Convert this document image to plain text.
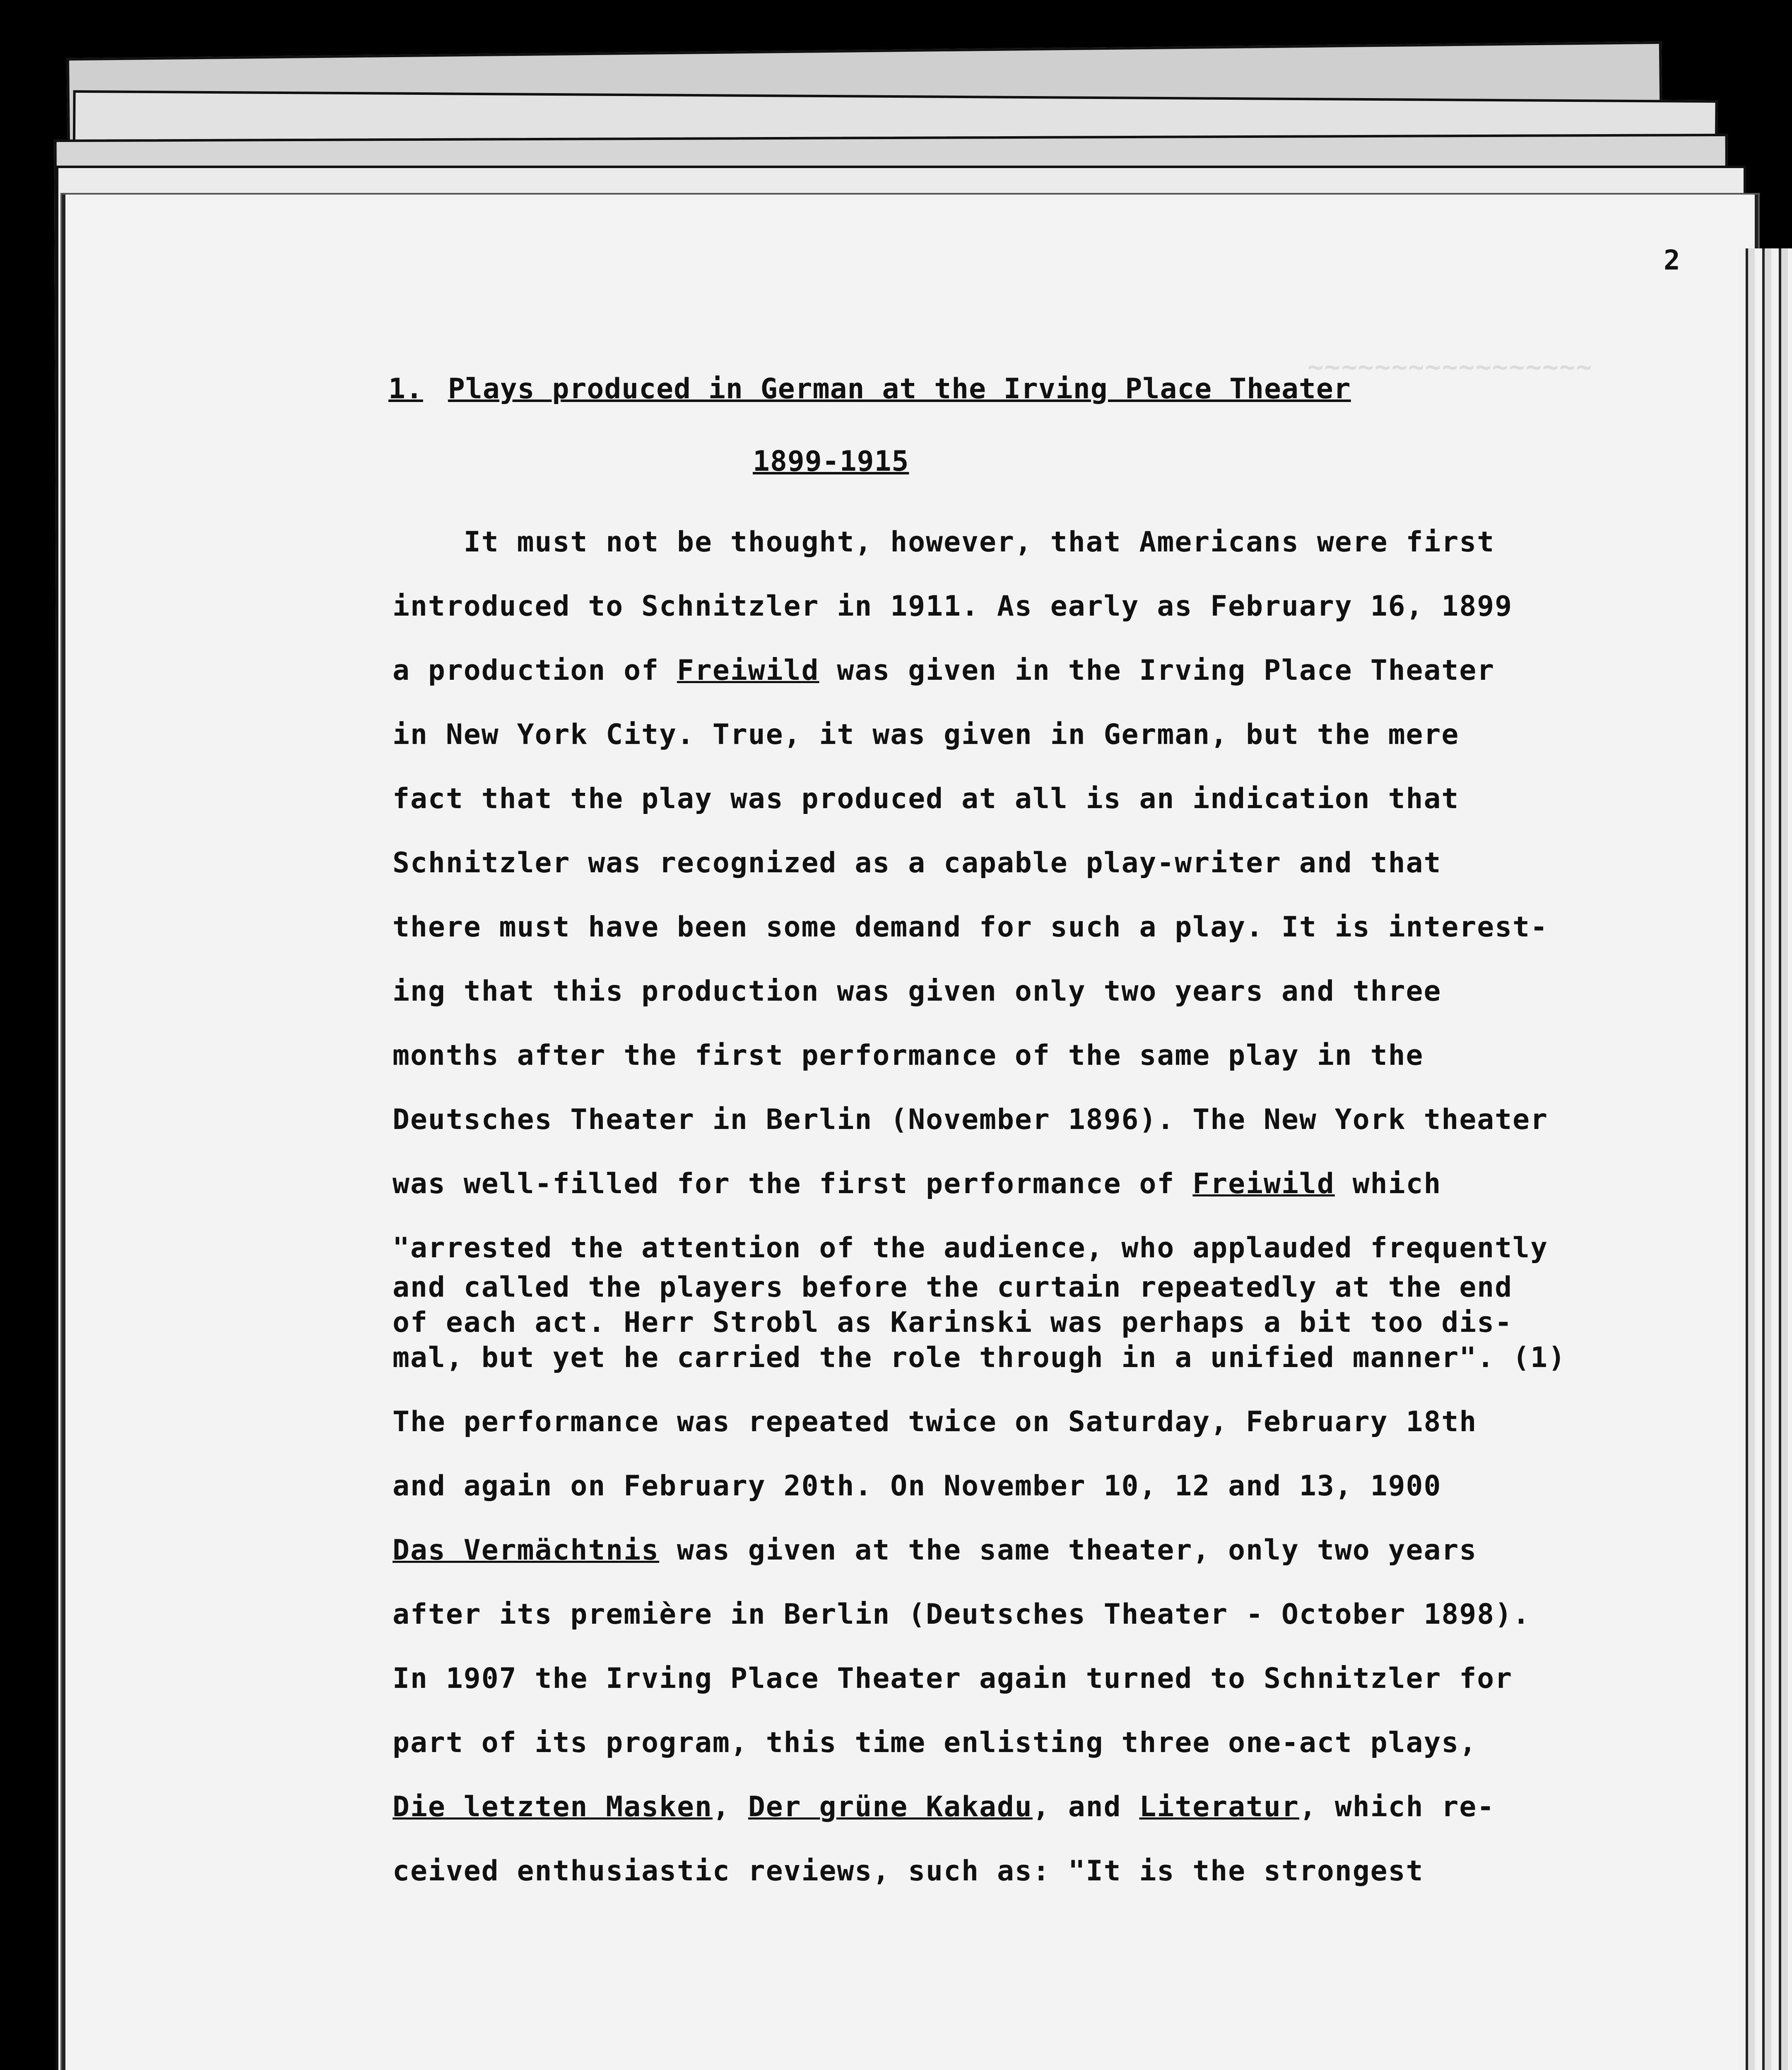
~~~~~~~~~~~~~~~~~
2
1. Plays produced in German at the Irving Place Theater
1899-1915
It must not be thought, however, that Americans were first
introduced to Schnitzler in 1911. As early as February 16, 1899
a production of Freiwild was given in the Irving Place Theater
in New York City. True, it was given in German, but the mere
fact that the play was produced at all is an indication that
Schnitzler was recognized as a capable play-writer and that
there must have been some demand for such a play. It is interest-
ing that this production was given only two years and three
months after the first performance of the same play in the
Deutsches Theater in Berlin (November 1896). The New York theater
was well-filled for the first performance of Freiwild which
"arrested the attention of the audience, who applauded frequently
and called the players before the curtain repeatedly at the end
of each act. Herr Strobl as Karinski was perhaps a bit too dis-
mal, but yet he carried the role through in a unified manner". (1)
The performance was repeated twice on Saturday, February 18th
and again on February 20th. On November 10, 12 and 13, 1900
Das Vermächtnis was given at the same theater, only two years
after its première in Berlin (Deutsches Theater - October 1898).
In 1907 the Irving Place Theater again turned to Schnitzler for
part of its program, this time enlisting three one-act plays,
Die letzten Masken, Der grüne Kakadu, and Literatur, which re-
ceived enthusiastic reviews, such as: "It is the strongest
